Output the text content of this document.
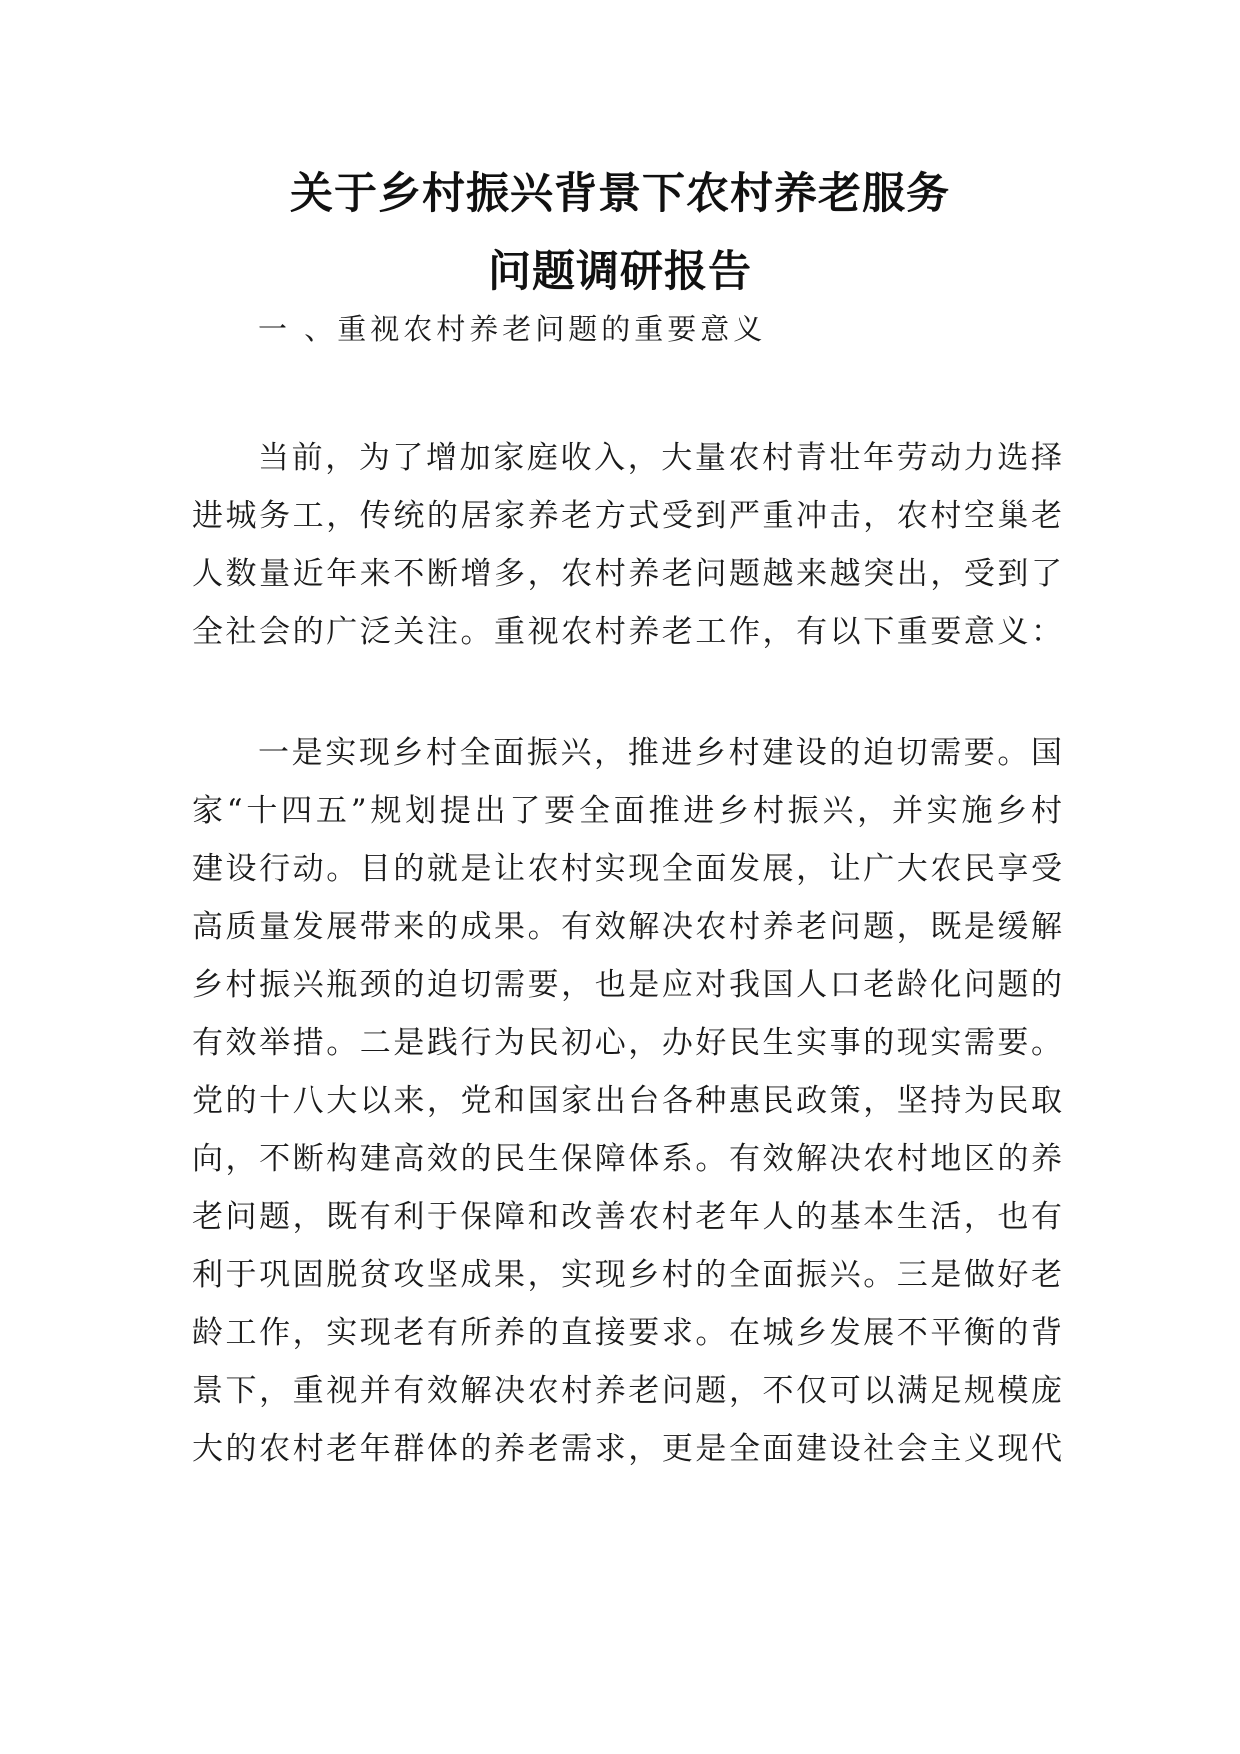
关于乡村振兴背景下农村养老服务
问题调研报告
一 、重视农村养老问题的重要意义
当前，为了增加家庭收入，大量农村青壮年劳动力选择
进城务工，传统的居家养老方式受到严重冲击，农村空巢老
人数量近年来不断增多，农村养老问题越来越突出，受到了
全社会的广泛关注。重视农村养老工作，有以下重要意义：
一是实现乡村全面振兴，推进乡村建设的迫切需要。国
家“十四五”规划提出了要全面推进乡村振兴，并实施乡村
建设行动。目的就是让农村实现全面发展，让广大农民享受
高质量发展带来的成果。有效解决农村养老问题，既是缓解
乡村振兴瓶颈的迫切需要，也是应对我国人口老龄化问题的
有效举措。二是践行为民初心，办好民生实事的现实需要。
党的十八大以来，党和国家出台各种惠民政策，坚持为民取
向，不断构建高效的民生保障体系。有效解决农村地区的养
老问题，既有利于保障和改善农村老年人的基本生活，也有
利于巩固脱贫攻坚成果，实现乡村的全面振兴。三是做好老
龄工作，实现老有所养的直接要求。在城乡发展不平衡的背
景下，重视并有效解决农村养老问题，不仅可以满足规模庞
大的农村老年群体的养老需求，更是全面建设社会主义现代
